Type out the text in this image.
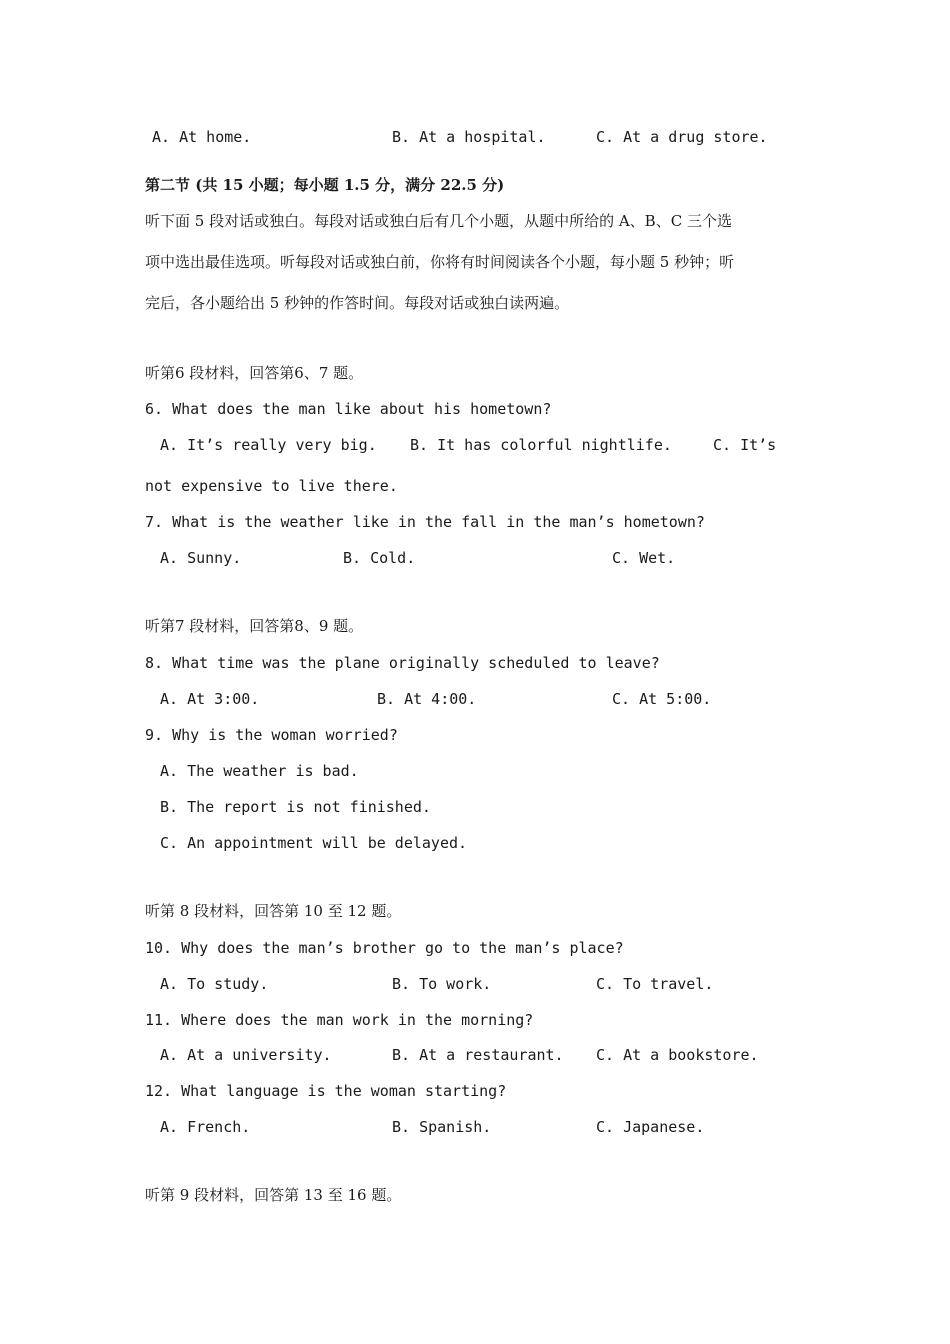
A. At home.	B. At a hospital.	C. At a drug store.
第二节 (共 15 小题；每小题 1.5 分，满分 22.5 分)
听下面 5 段对话或独白。每段对话或独白后有几个小题，从题中所给的 A、B、C 三个选
项中选出最佳选项。听每段对话或独白前，你将有时间阅读各个小题，每小题 5 秒钟；听
完后，各小题给出 5 秒钟的作答时间。每段对话或独白读两遍。
听第6 段材料，回答第6、7 题。
6. What does the man like about his hometown?
A. It’s really very big. B. It has colorful nightlife.	C. It’s
not expensive to live there.
7. What is the weather like in the fall in the man’s hometown?
A. Sunny.	B. Cold.	C. Wet.
听第7 段材料，回答第8、9 题。
8. What time was the plane originally scheduled to leave?
A. At 3:00.	B. At 4:00.	C. At 5:00.
9. Why is the woman worried?
A. The weather is bad.
B. The report is not finished.
C. An appointment will be delayed.
听第 8 段材料，回答第 10 至 12 题。
10. Why does the man’s brother go to the man’s place?
A. To study.	B. To work.	C. To travel.
11. Where does the man work in the morning?
A. At a university.	B. At a restaurant. C. At a bookstore.
12. What language is the woman starting?
A. French.	B. Spanish.	C. Japanese.
听第 9 段材料，回答第 13 至 16 题。
